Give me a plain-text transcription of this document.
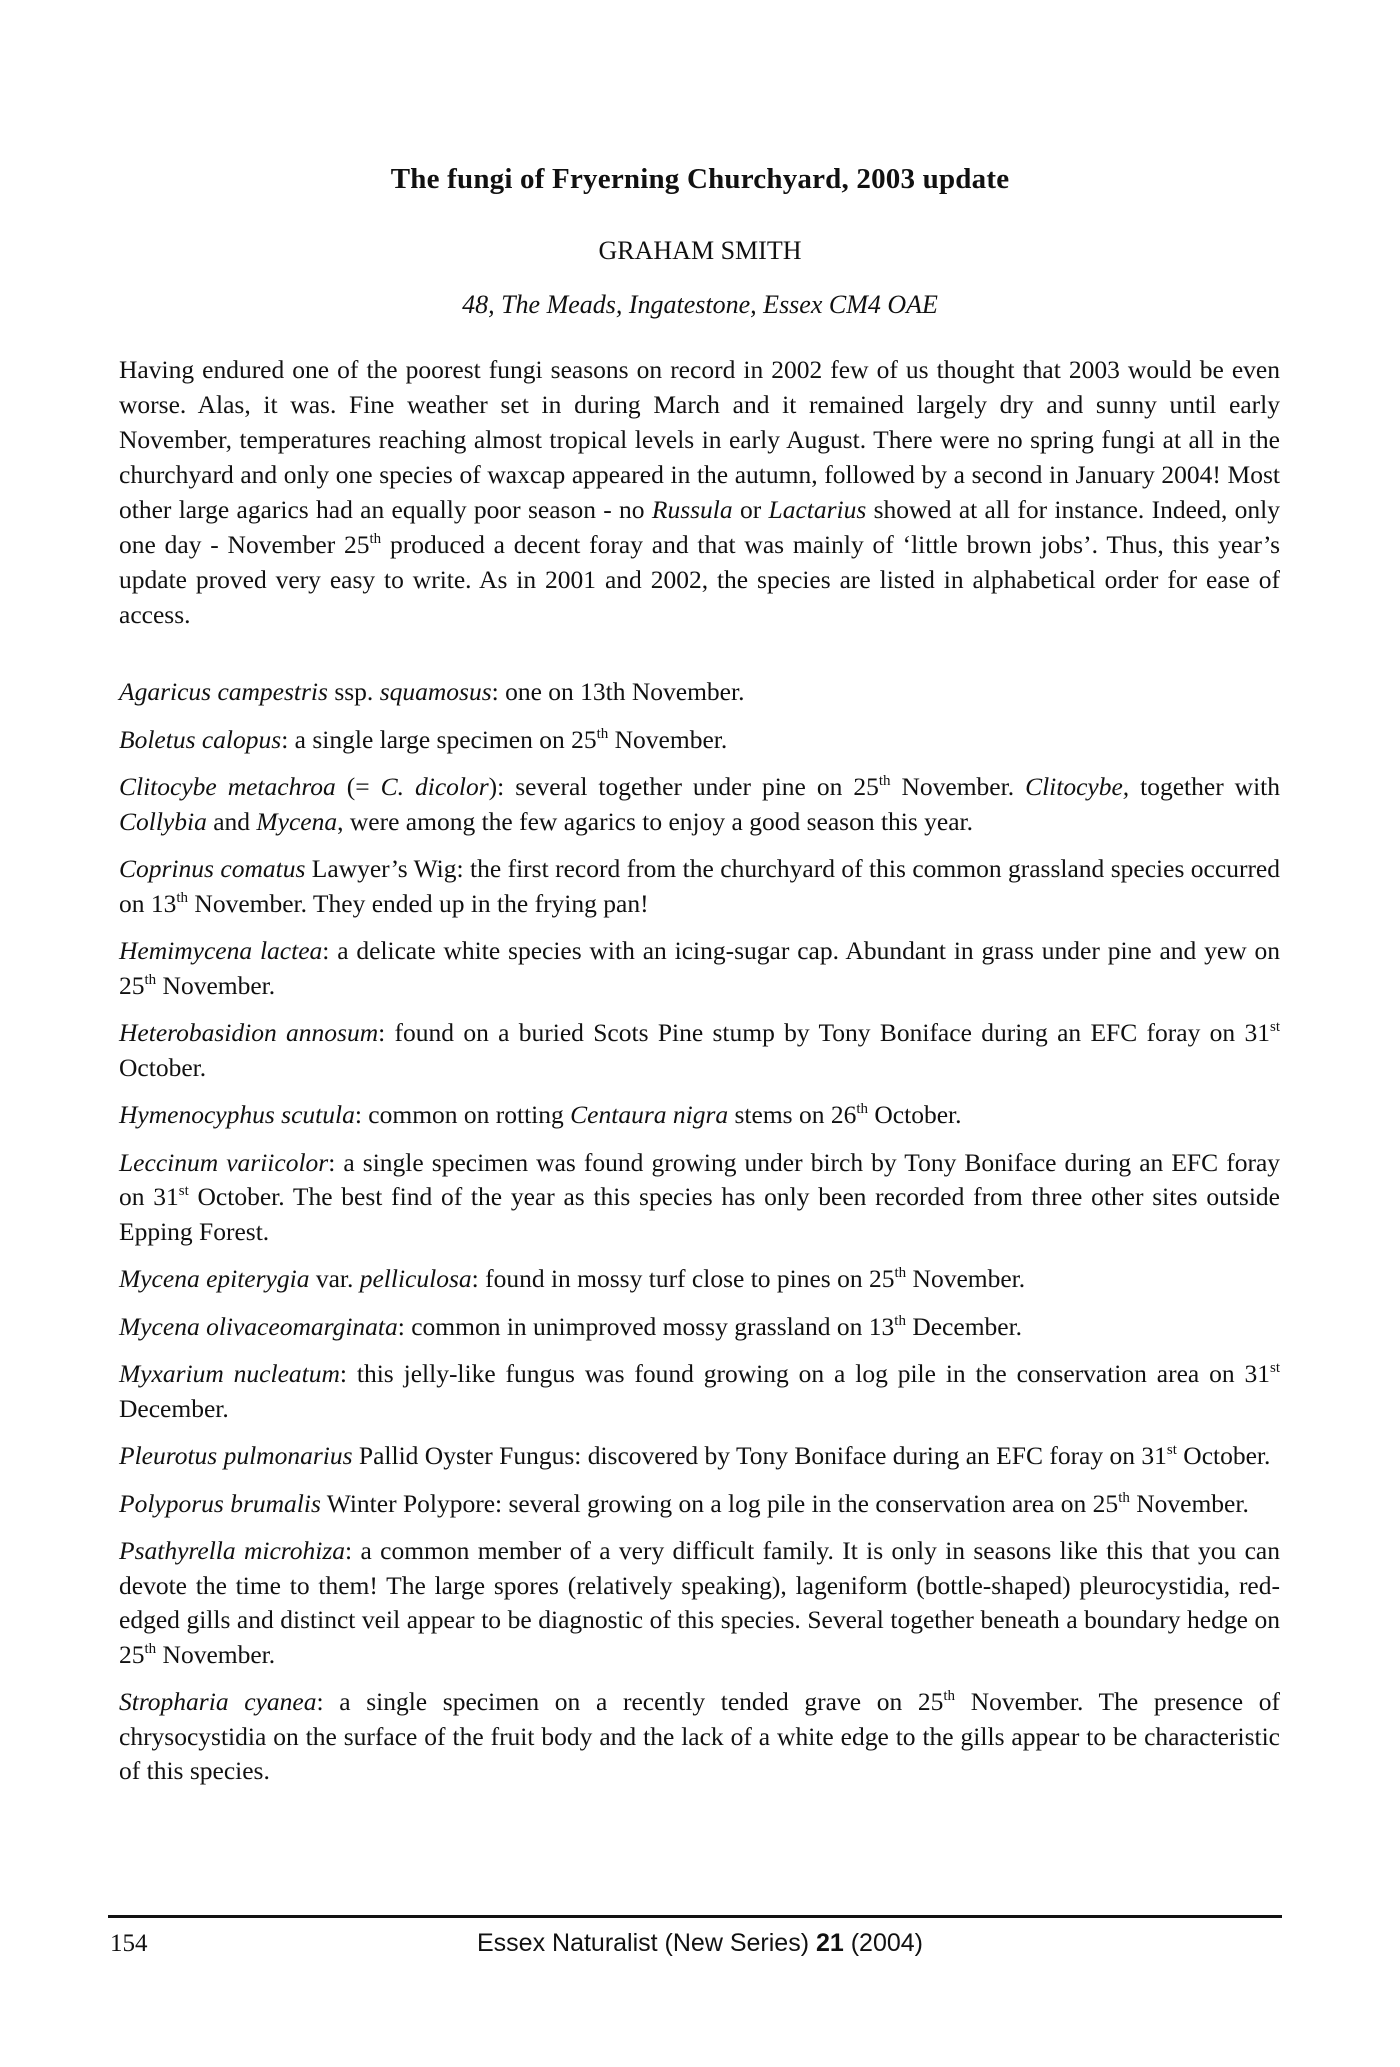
The fungi of Fryerning Churchyard, 2003 update
GRAHAM SMITH
48, The Meads, Ingatestone, Essex CM4 OAE

Having endured one of the poorest fungi seasons on record in 2002 few of us thought that 2003 would be even worse. Alas, it was. Fine weather set in during March and it remained largely dry and sunny until early November, temperatures reaching almost tropical levels in early August. There were no spring fungi at all in the churchyard and only one species of waxcap appeared in the autumn, followed by a second in January 2004! Most other large agarics had an equally poor season - no Russula or Lactarius showed at all for instance. Indeed, only one day - November 25th produced a decent foray and that was mainly of ‘little brown jobs’. Thus, this year’s update proved very easy to write. As in 2001 and 2002, the species are listed in alphabetical order for ease of access.

Agaricus campestris ssp. squamosus: one on 13th November.

Boletus calopus: a single large specimen on 25th November.

Clitocybe metachroa (= C. dicolor): several together under pine on 25th November. Clitocybe, together with Collybia and Mycena, were among the few agarics to enjoy a good season this year.

Coprinus comatus Lawyer’s Wig: the first record from the churchyard of this common grassland species occurred on 13th November. They ended up in the frying pan!

Hemimycena lactea: a delicate white species with an icing-sugar cap. Abundant in grass under pine and yew on 25th November.

Heterobasidion annosum: found on a buried Scots Pine stump by Tony Boniface during an EFC foray on 31st October.

Hymenocyphus scutula: common on rotting Centaura nigra stems on 26th October.

Leccinum variicolor: a single specimen was found growing under birch by Tony Boniface during an EFC foray on 31st October. The best find of the year as this species has only been recorded from three other sites outside Epping Forest.

Mycena epiterygia var. pelliculosa: found in mossy turf close to pines on 25th November.

Mycena olivaceomarginata: common in unimproved mossy grassland on 13th December.

Myxarium nucleatum: this jelly-like fungus was found growing on a log pile in the conservation area on 31st December.

Pleurotus pulmonarius Pallid Oyster Fungus: discovered by Tony Boniface during an EFC foray on 31st October.

Polyporus brumalis Winter Polypore: several growing on a log pile in the conservation area on 25th November.

Psathyrella microhiza: a common member of a very difficult family. It is only in seasons like this that you can devote the time to them! The large spores (relatively speaking), lageniform (bottle-shaped) pleurocystidia, red-edged gills and distinct veil appear to be diagnostic of this species. Several together beneath a boundary hedge on 25th November.

Stropharia cyanea: a single specimen on a recently tended grave on 25th November. The presence of chrysocystidia on the surface of the fruit body and the lack of a white edge to the gills appear to be characteristic of this species.

154	Essex Naturalist (New Series) 21 (2004)
